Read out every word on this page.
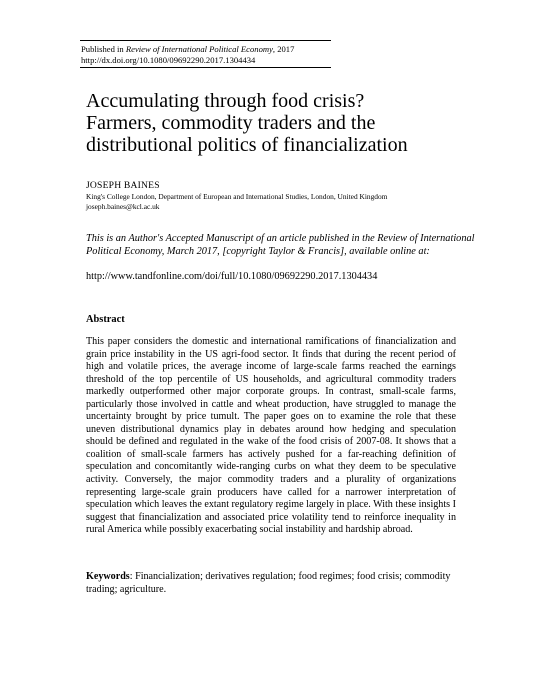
Published in Review of International Political Economy, 2017
http://dx.doi.org/10.1080/09692290.2017.1304434
Accumulating through food crisis?
Farmers, commodity traders and the
distributional politics of financialization
JOSEPH BAINES
King's College London, Department of European and International Studies, London, United Kingdom
joseph.baines@kcl.ac.uk
This is an Author's Accepted Manuscript of an article published in the Review of International Political Economy, March 2017, [copyright Taylor & Francis], available online at:
http://www.tandfonline.com/doi/full/10.1080/09692290.2017.1304434
Abstract
This paper considers the domestic and international ramifications of financialization and grain price instability in the US agri-food sector. It finds that during the recent period of high and volatile prices, the average income of large-scale farms reached the earnings threshold of the top percentile of US households, and agricultural commodity traders markedly outperformed other major corporate groups. In contrast, small-scale farms, particularly those involved in cattle and wheat production, have struggled to manage the uncertainty brought by price tumult. The paper goes on to examine the role that these uneven distributional dynamics play in debates around how hedging and speculation should be defined and regulated in the wake of the food crisis of 2007-08. It shows that a coalition of small-scale farmers has actively pushed for a far-reaching definition of speculation and concomitantly wide-ranging curbs on what they deem to be speculative activity. Conversely, the major commodity traders and a plurality of organizations representing large-scale grain producers have called for a narrower interpretation of speculation which leaves the extant regulatory regime largely in place. With these insights I suggest that financialization and associated price volatility tend to reinforce inequality in rural America while possibly exacerbating social instability and hardship abroad.
Keywords: Financialization; derivatives regulation; food regimes; food crisis; commodity trading; agriculture.
